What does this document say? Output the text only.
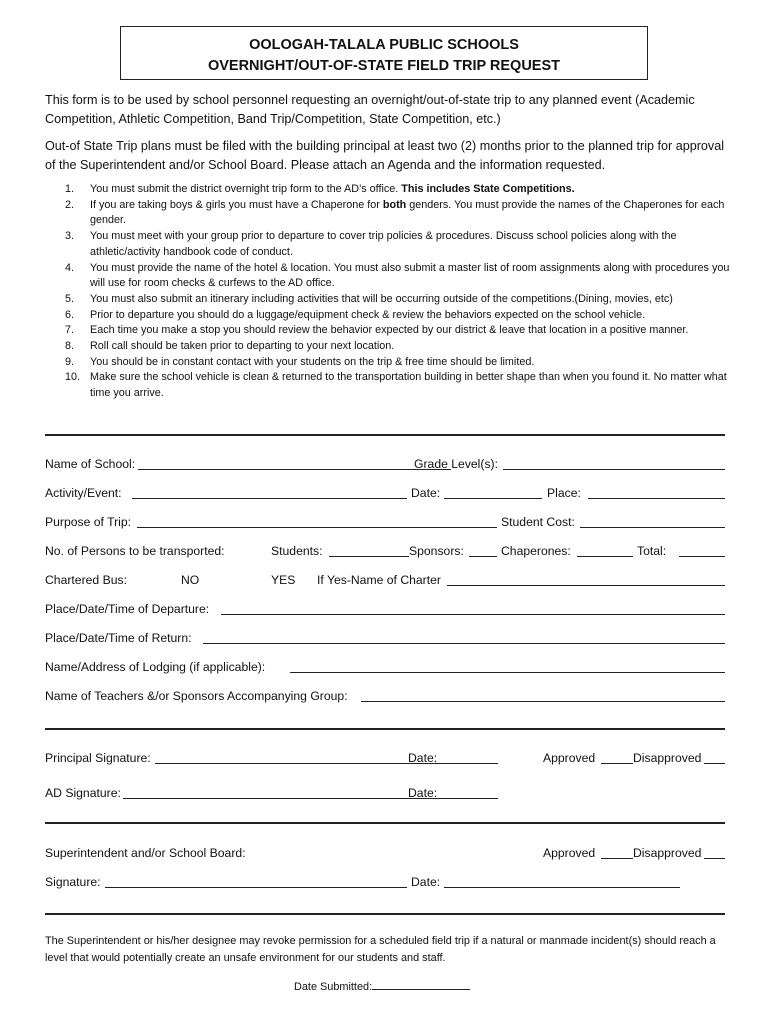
OOLOGAH-TALALA PUBLIC SCHOOLS
OVERNIGHT/OUT-OF-STATE FIELD TRIP REQUEST
This form is to be used by school personnel requesting an overnight/out-of-state trip to any planned event (Academic Competition, Athletic Competition, Band Trip/Competition, State Competition, etc.)
Out-of State Trip plans must be filed with the building principal at least two (2) months prior to the planned trip for approval of the Superintendent and/or School Board. Please attach an Agenda and the information requested.
1. You must submit the district overnight trip form to the AD’s office. This includes State Competitions.
2. If you are taking boys & girls you must have a Chaperone for both genders. You must provide the names of the Chaperones for each gender.
3. You must meet with your group prior to departure to cover trip policies & procedures. Discuss school policies along with the athletic/activity handbook code of conduct.
4. You must provide the name of the hotel & location. You must also submit a master list of room assignments along with procedures you will use for room checks & curfews to the AD office.
5. You must also submit an itinerary including activities that will be occurring outside of the competitions.(Dining, movies, etc)
6. Prior to departure you should do a luggage/equipment check & review the behaviors expected on the school vehicle.
7. Each time you make a stop you should review the behavior expected by our district & leave that location in a positive manner.
8. Roll call should be taken prior to departing to your next location.
9. You should be in constant contact with your students on the trip & free time should be limited.
10. Make sure the school vehicle is clean & returned to the transportation building in better shape than when you found it. No matter what time you arrive.
Name of School:	Grade Level(s):
Activity/Event:	Date:	Place:
Purpose of Trip:	Student Cost:
No. of Persons to be transported:	Students:	Sponsors:	Chaperones:	Total:
Chartered Bus:	NO	YES If Yes-Name of Charter
Place/Date/Time of Departure:
Place/Date/Time of Return:
Name/Address of Lodging (if applicable):
Name of Teachers &/or Sponsors Accompanying Group:
Principal Signature:	Date:	Approved	Disapproved
AD Signature:	Date:
Superintendent and/or School Board:	Approved	Disapproved
Signature:	Date:
The Superintendent or his/her designee may revoke permission for a scheduled field trip if a natural or manmade incident(s) should reach a level that would potentially create an unsafe environment for our students and staff.
Date Submitted:
